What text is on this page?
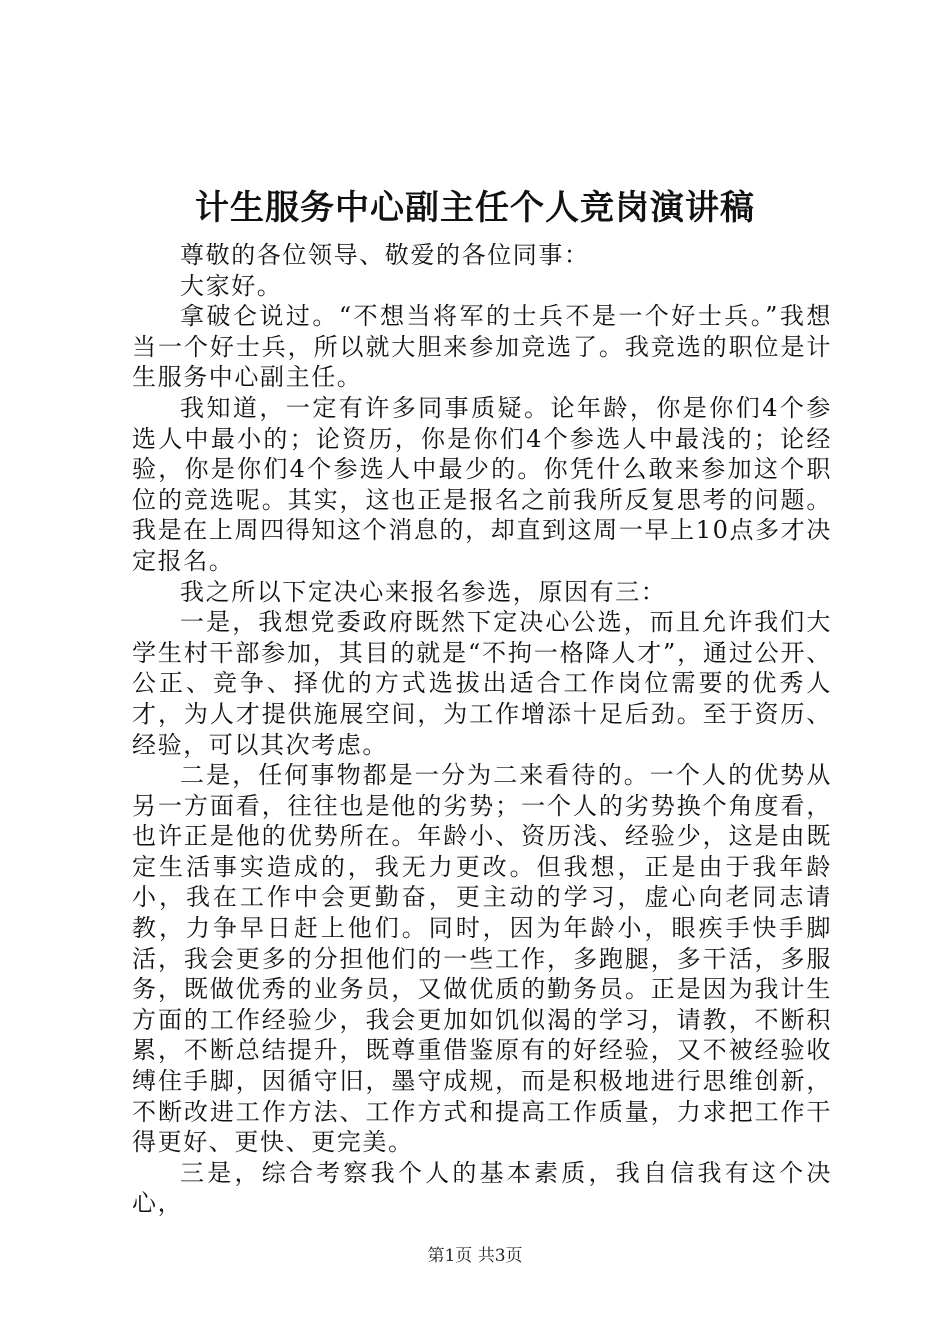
计生服务中心副主任个人竞岗演讲稿

尊敬的各位领导、敬爱的各位同事：

大家好。

拿破仑说过。“不想当将军的士兵不是一个好士兵。”我想当一个好士兵，所以就大胆来参加竞选了。我竞选的职位是计生服务中心副主任。

我知道，一定有许多同事质疑。论年龄，你是你们4个参选人中最小的；论资历，你是你们4个参选人中最浅的；论经验，你是你们4个参选人中最少的。你凭什么敢来参加这个职位的竞选呢。其实，这也正是报名之前我所反复思考的问题。我是在上周四得知这个消息的，却直到这周一早上10点多才决定报名。

我之所以下定决心来报名参选，原因有三：

一是，我想党委政府既然下定决心公选，而且允许我们大学生村干部参加，其目的就是“不拘一格降人才”，通过公开、公正、竞争、择优的方式选拔出适合工作岗位需要的优秀人才，为人才提供施展空间，为工作增添十足后劲。至于资历、经验，可以其次考虑。

二是，任何事物都是一分为二来看待的。一个人的优势从另一方面看，往往也是他的劣势；一个人的劣势换个角度看，也许正是他的优势所在。年龄小、资历浅、经验少，这是由既定生活事实造成的，我无力更改。但我想，正是由于我年龄小，我在工作中会更勤奋，更主动的学习，虚心向老同志请教，力争早日赶上他们。同时，因为年龄小，眼疾手快手脚活，我会更多的分担他们的一些工作，多跑腿，多干活，多服务，既做优秀的业务员，又做优质的勤务员。正是因为我计生方面的工作经验少，我会更加如饥似渴的学习，请教，不断积累，不断总结提升，既尊重借鉴原有的好经验，又不被经验收缚住手脚，因循守旧，墨守成规，而是积极地进行思维创新，不断改进工作方法、工作方式和提高工作质量，力求把工作干得更好、更快、更完美。

三是，综合考察我个人的基本素质，我自信我有这个决心，

第1页 共3页
